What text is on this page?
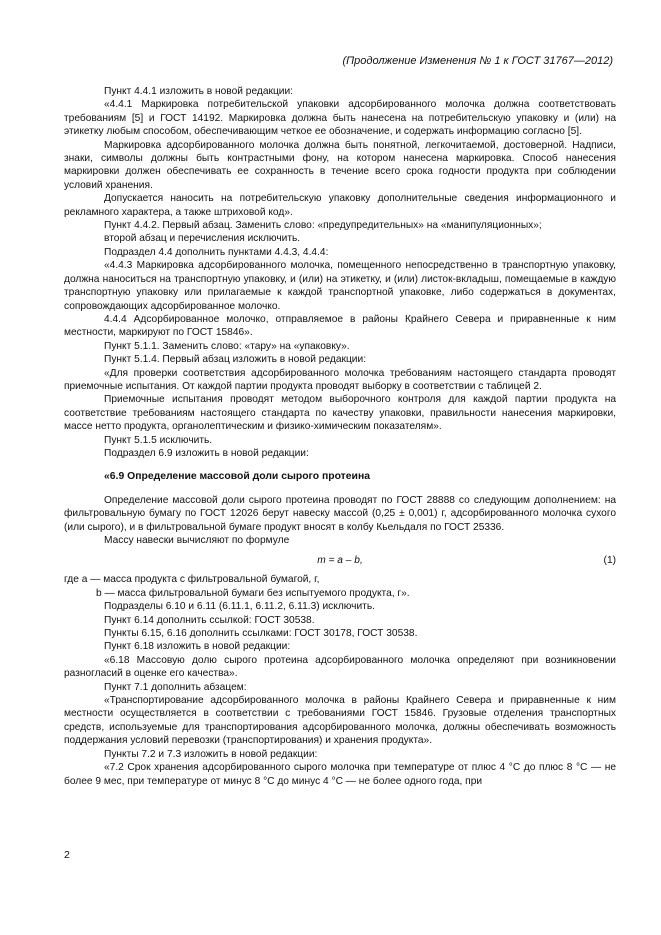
(Продолжение Изменения № 1 к ГОСТ 31767—2012)

Пункт 4.4.1 изложить в новой редакции:

«4.4.1 Маркировка потребительской упаковки адсорбированного молочка должна соответствовать требованиям [5] и ГОСТ 14192. Маркировка должна быть нанесена на потребительскую упаковку и (или) на этикетку любым способом, обеспечивающим четкое ее обозначение, и содержать информацию согласно [5].

Маркировка адсорбированного молочка должна быть понятной, легкочитаемой, достоверной. Надписи, знаки, символы должны быть контрастными фону, на котором нанесена маркировка. Способ нанесения маркировки должен обеспечивать ее сохранность в течение всего срока годности продукта при соблюдении условий хранения.

Допускается наносить на потребительскую упаковку дополнительные сведения информационного и рекламного характера, а также штриховой код».

Пункт 4.4.2. Первый абзац. Заменить слово: «предупредительных» на «манипуляционных»;

второй абзац и перечисления исключить.

Подраздел 4.4 дополнить пунктами 4.4.3, 4.4.4:

«4.4.3 Маркировка адсорбированного молочка, помещенного непосредственно в транспортную упаковку, должна наноситься на транспортную упаковку, и (или) на этикетку, и (или) листок-вкладыш, помещаемые в каждую транспортную упаковку или прилагаемые к каждой транспортной упаковке, либо содержаться в документах, сопровождающих адсорбированное молочко.

4.4.4 Адсорбированное молочко, отправляемое в районы Крайнего Севера и приравненные к ним местности, маркируют по ГОСТ 15846».

Пункт 5.1.1. Заменить слово: «тару» на «упаковку».

Пункт 5.1.4. Первый абзац изложить в новой редакции:

«Для проверки соответствия адсорбированного молочка требованиям настоящего стандарта проводят приемочные испытания. От каждой партии продукта проводят выборку в соответствии с таблицей 2.

Приемочные испытания проводят методом выборочного контроля для каждой партии продукта на соответствие требованиям настоящего стандарта по качеству упаковки, правильности нанесения маркировки, массе нетто продукта, органолептическим и физико-химическим показателям».

Пункт 5.1.5 исключить.

Подраздел 6.9 изложить в новой редакции:

«6.9 Определение массовой доли сырого протеина

Определение массовой доли сырого протеина проводят по ГОСТ 28888 со следующим дополнением: на фильтровальную бумагу по ГОСТ 12026 берут навеску массой (0,25 ± 0,001) г, адсорбированного молочка сухого (или сырого), и в фильтровальной бумаге продукт вносят в колбу Кьельдаля по ГОСТ 25336.

Массу навески вычисляют по формуле

m = a – b,	(1)

где a — масса продукта с фильтровальной бумагой, г,

b — масса фильтровальной бумаги без испытуемого продукта, г».

Подразделы 6.10 и 6.11 (6.11.1, 6.11.2, 6.11.3) исключить.

Пункт 6.14 дополнить ссылкой: ГОСТ 30538.

Пункты 6.15, 6.16 дополнить ссылками: ГОСТ 30178, ГОСТ 30538.

Пункт 6.18 изложить в новой редакции:

«6.18 Массовую долю сырого протеина адсорбированного молочка определяют при возникновении разногласий в оценке его качества».

Пункт 7.1 дополнить абзацем:

«Транспортирование адсорбированного молочка в районы Крайнего Севера и приравненные к ним местности осуществляется в соответствии с требованиями ГОСТ 15846. Грузовые отделения транспортных средств, используемые для транспортирования адсорбированного молочка, должны обеспечивать возможность поддержания условий перевозки (транспортирования) и хранения продукта».

Пункты 7.2 и 7.3 изложить в новой редакции:

«7.2 Срок хранения адсорбированного сырого молочка при температуре от плюс 4 °С до плюс 8 °С — не более 9 мес, при температуре от минус 8 °С до минус 4 °С — не более одного года, при

2
